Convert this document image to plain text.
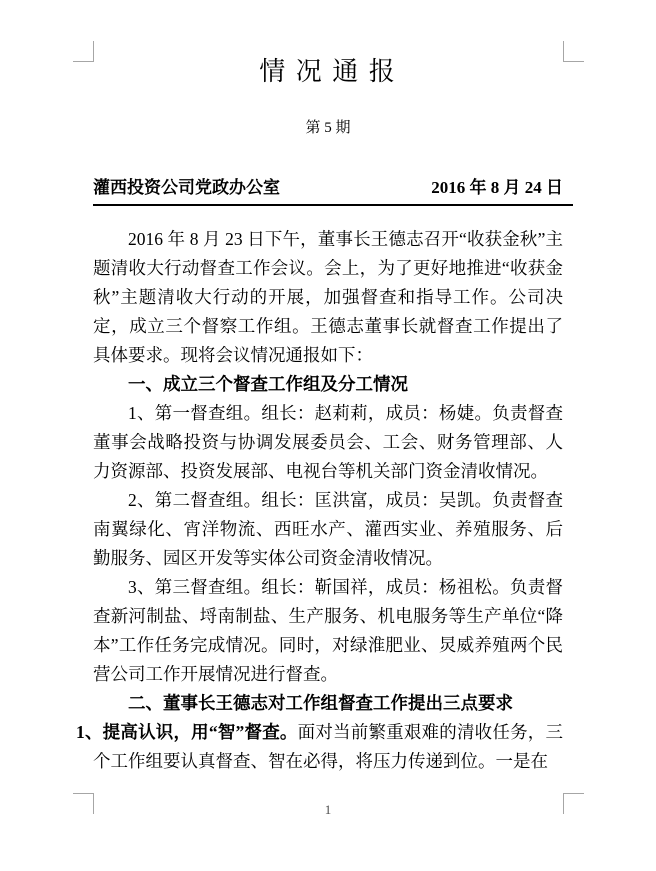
情 况 通 报
第 5 期
灌西投资公司党政办公室	2016 年 8 月 24 日

2016 年 8 月 23 日下午，董事长王德志召开“收获金秋”主题清收大行动督查工作会议。会上，为了更好地推进“收获金秋”主题清收大行动的开展，加强督查和指导工作。公司决定，成立三个督察工作组。王德志董事长就督查工作提出了具体要求。现将会议情况通报如下：

一、成立三个督查工作组及分工情况

1、第一督查组。组长：赵莉莉，成员：杨婕。负责督查董事会战略投资与协调发展委员会、工会、财务管理部、人力资源部、投资发展部、电视台等机关部门资金清收情况。

2、第二督查组。组长：匡洪富，成员：吴凯。负责督查南翼绿化、宵洋物流、西旺水产、灌西实业、养殖服务、后勤服务、园区开发等实体公司资金清收情况。

3、第三督查组。组长：靳国祥，成员：杨祖松。负责督查新河制盐、埒南制盐、生产服务、机电服务等生产单位“降本”工作任务完成情况。同时，对绿淮肥业、炅威养殖两个民营公司工作开展情况进行督查。

二、董事长王德志对工作组督查工作提出三点要求

1、提高认识，用“智”督查。面对当前繁重艰难的清收任务，三个工作组要认真督查、智在必得，将压力传递到位。一是在

1
